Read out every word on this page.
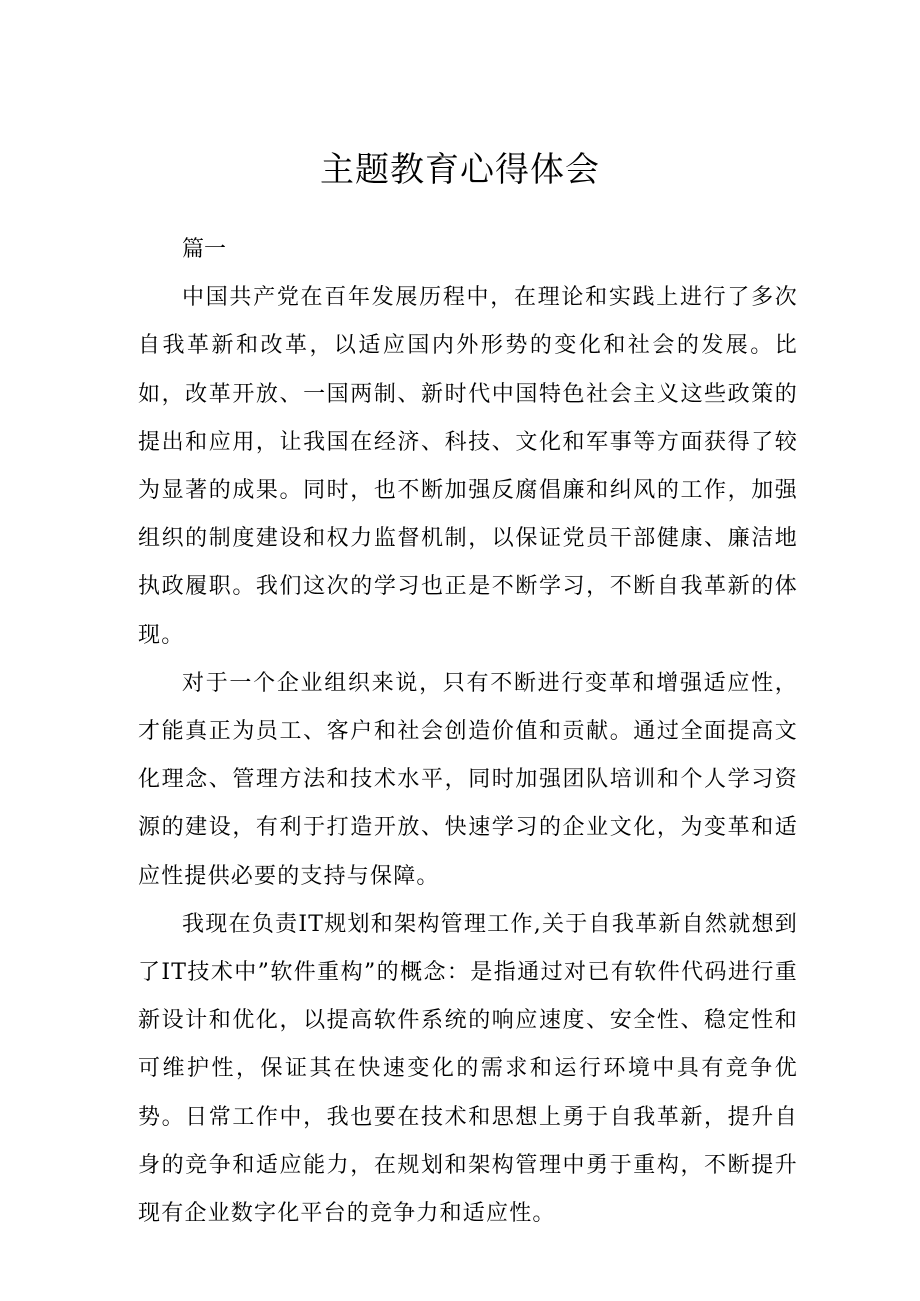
主题教育心得体会

篇一

中国共产党在百年发展历程中，在理论和实践上进行了多次自我革新和改革，以适应国内外形势的变化和社会的发展。比如，改革开放、一国两制、新时代中国特色社会主义这些政策的提出和应用，让我国在经济、科技、文化和军事等方面获得了较为显著的成果。同时，也不断加强反腐倡廉和纠风的工作，加强组织的制度建设和权力监督机制，以保证党员干部健康、廉洁地执政履职。我们这次的学习也正是不断学习，不断自我革新的体现。

对于一个企业组织来说，只有不断进行变革和增强适应性，才能真正为员工、客户和社会创造价值和贡献。通过全面提高文化理念、管理方法和技术水平，同时加强团队培训和个人学习资源的建设，有利于打造开放、快速学习的企业文化，为变革和适应性提供必要的支持与保障。

我现在负责IT规划和架构管理工作,关于自我革新自然就想到了IT技术中”软件重构”的概念：是指通过对已有软件代码进行重新设计和优化，以提高软件系统的响应速度、安全性、稳定性和可维护性，保证其在快速变化的需求和运行环境中具有竞争优势。日常工作中，我也要在技术和思想上勇于自我革新，提升自身的竞争和适应能力，在规划和架构管理中勇于重构，不断提升现有企业数字化平台的竞争力和适应性。
